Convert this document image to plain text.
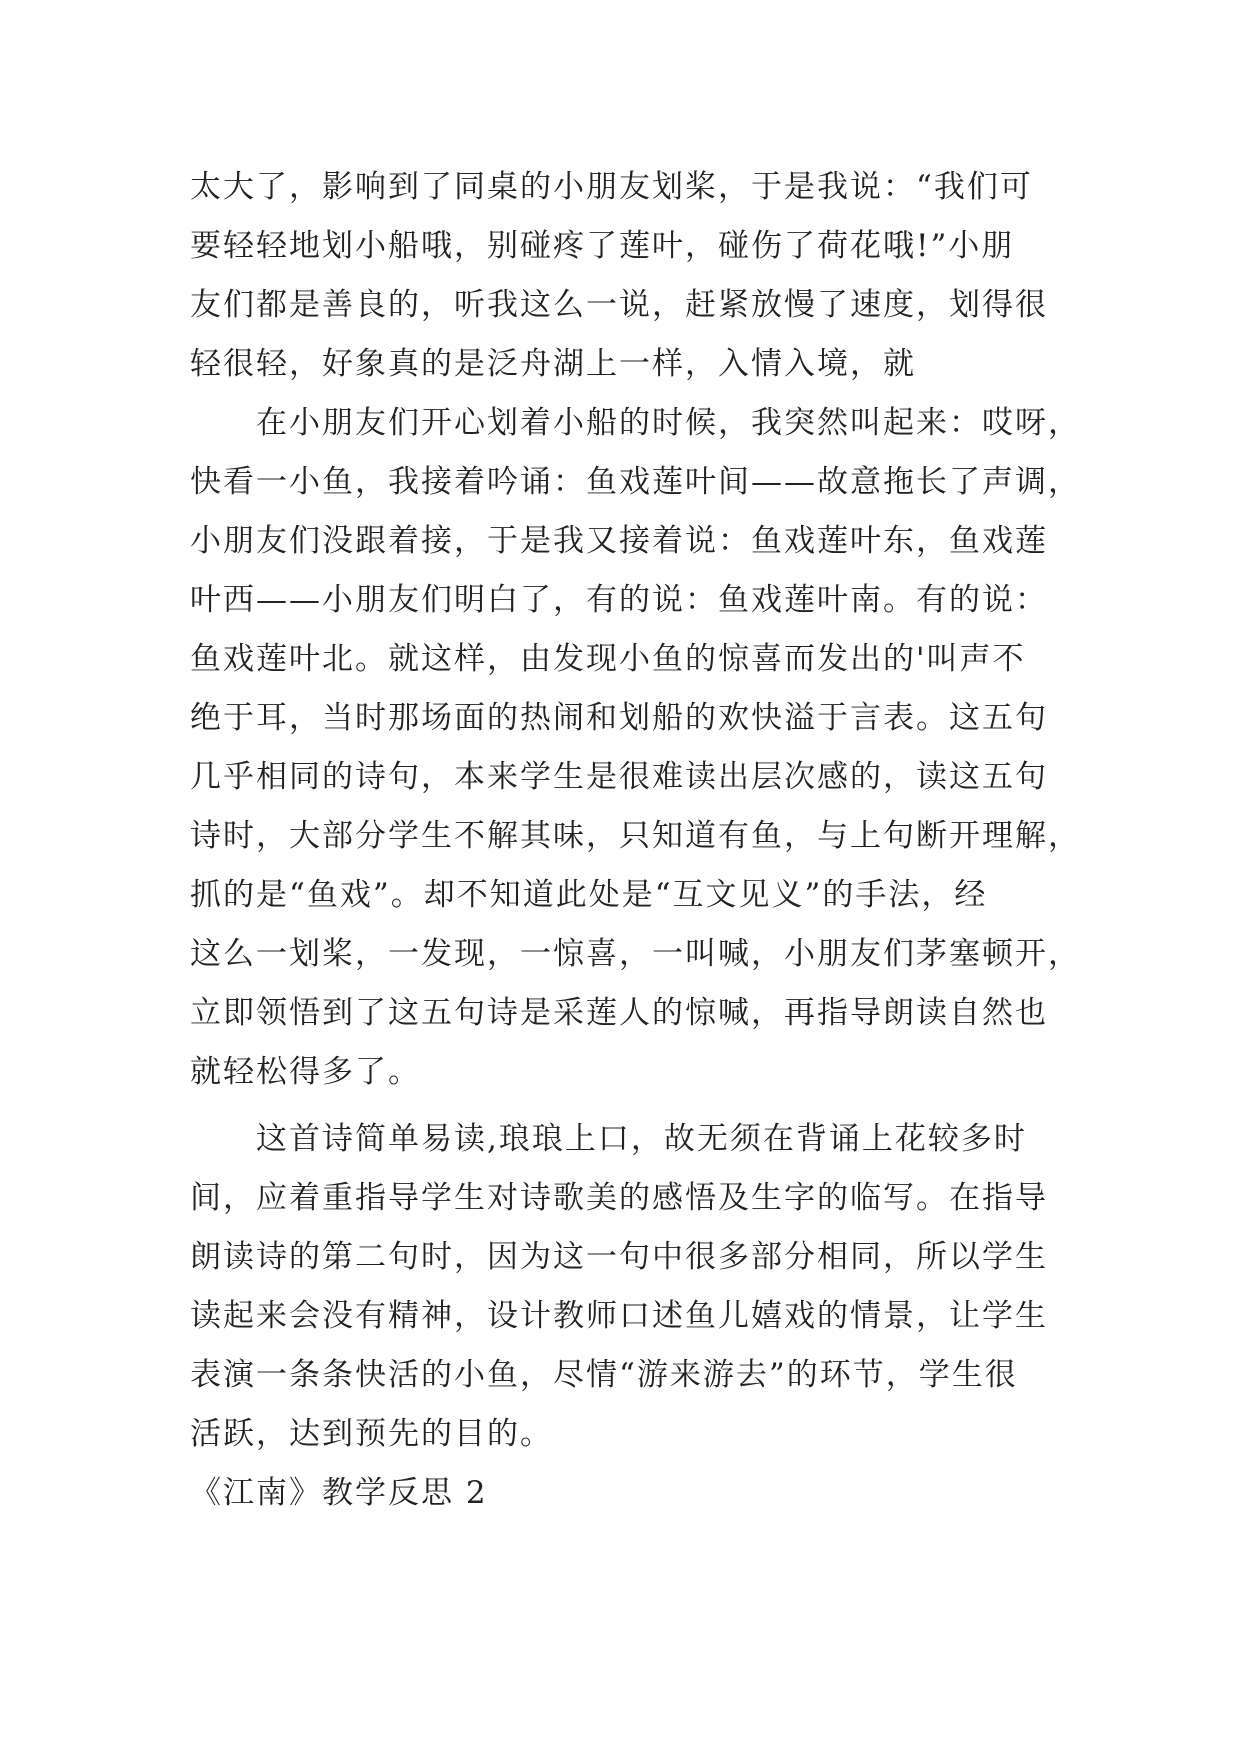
太大了，影响到了同桌的小朋友划桨，于是我说：“我们可
要轻轻地划小船哦，别碰疼了莲叶，碰伤了荷花哦!”小朋
友们都是善良的，听我这么一说，赶紧放慢了速度，划得很
轻很轻，好象真的是泛舟湖上一样，入情入境，就
　　在小朋友们开心划着小船的时候，我突然叫起来：哎呀，
快看一小鱼，我接着吟诵：鱼戏莲叶间——故意拖长了声调，
小朋友们没跟着接，于是我又接着说：鱼戏莲叶东，鱼戏莲
叶西——小朋友们明白了，有的说：鱼戏莲叶南。有的说：
鱼戏莲叶北。就这样，由发现小鱼的惊喜而发出的'叫声不
绝于耳，当时那场面的热闹和划船的欢快溢于言表。这五句
几乎相同的诗句，本来学生是很难读出层次感的，读这五句
诗时，大部分学生不解其味，只知道有鱼，与上句断开理解，
抓的是“鱼戏”。却不知道此处是“互文见义”的手法，经
这么一划桨，一发现，一惊喜，一叫喊，小朋友们茅塞顿开，
立即领悟到了这五句诗是采莲人的惊喊，再指导朗读自然也
就轻松得多了。
　　这首诗简单易读,琅琅上口，故无须在背诵上花较多时
间，应着重指导学生对诗歌美的感悟及生字的临写。在指导
朗读诗的第二句时，因为这一句中很多部分相同，所以学生
读起来会没有精神，设计教师口述鱼儿嬉戏的情景，让学生
表演一条条快活的小鱼，尽情“游来游去”的环节，学生很
活跃，达到预先的目的。
《江南》教学反思 2
